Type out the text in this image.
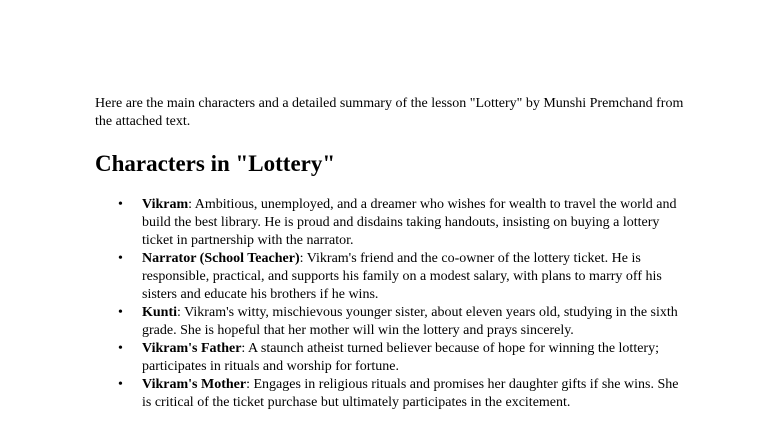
Here are the main characters and a detailed summary of the lesson "Lottery" by Munshi Premchand from the attached text.

Characters in "Lottery"
• Vikram: Ambitious, unemployed, and a dreamer who wishes for wealth to travel the world and build the best library. He is proud and disdains taking handouts, insisting on buying a lottery ticket in partnership with the narrator.
• Narrator (School Teacher): Vikram's friend and the co-owner of the lottery ticket. He is responsible, practical, and supports his family on a modest salary, with plans to marry off his sisters and educate his brothers if he wins.
• Kunti: Vikram's witty, mischievous younger sister, about eleven years old, studying in the sixth grade. She is hopeful that her mother will win the lottery and prays sincerely.
• Vikram's Father: A staunch atheist turned believer because of hope for winning the lottery; participates in rituals and worship for fortune.
• Vikram's Mother: Engages in religious rituals and promises her daughter gifts if she wins. She is critical of the ticket purchase but ultimately participates in the excitement.
